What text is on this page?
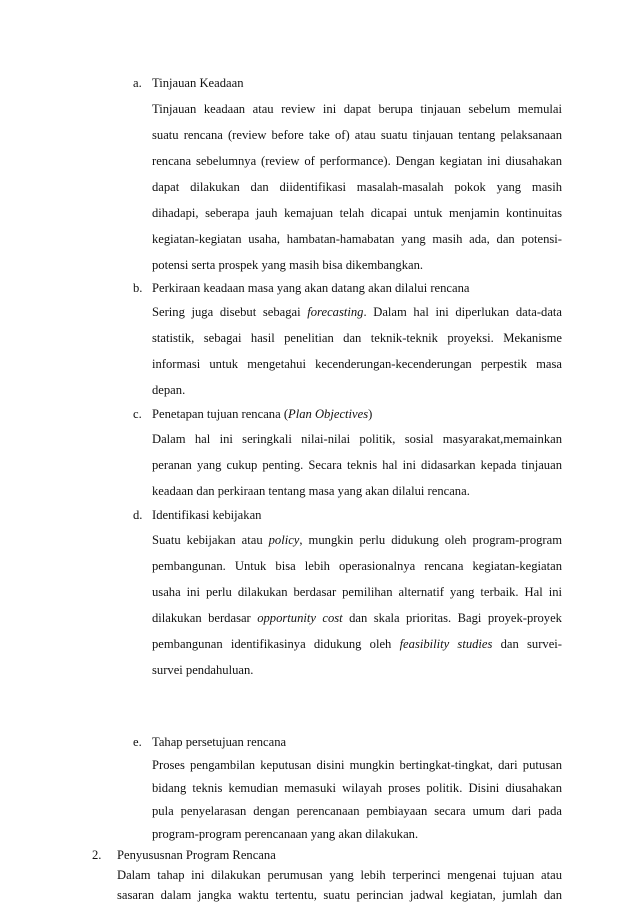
a. Tinjauan Keadaan
Tinjauan keadaan atau review ini dapat berupa tinjauan sebelum memulai
suatu rencana (review before take of) atau suatu tinjauan tentang pelaksanaan
rencana sebelumnya (review of performance). Dengan kegiatan ini diusahakan
dapat dilakukan dan diidentifikasi masalah-masalah pokok yang masih
dihadapi, seberapa jauh kemajuan telah dicapai untuk menjamin kontinuitas
kegiatan-kegiatan usaha, hambatan-hamabatan yang masih ada, dan potensi-
potensi serta prospek yang masih bisa dikembangkan.
b. Perkiraan keadaan masa yang akan datang akan dilalui rencana
Sering juga disebut sebagai forecasting. Dalam hal ini diperlukan data-data
statistik, sebagai hasil penelitian dan teknik-teknik proyeksi. Mekanisme
informasi untuk mengetahui kecenderungan-kecenderungan perpestik masa
depan.
c. Penetapan tujuan rencana (Plan Objectives)
Dalam hal ini seringkali nilai-nilai politik, sosial masyarakat,memainkan
peranan yang cukup penting. Secara teknis hal ini didasarkan kepada tinjauan
keadaan dan perkiraan tentang masa yang akan dilalui rencana.
d. Identifikasi kebijakan
Suatu kebijakan atau policy, mungkin perlu didukung oleh program-program
pembangunan. Untuk bisa lebih operasionalnya rencana kegiatan-kegiatan
usaha ini perlu dilakukan berdasar pemilihan alternatif yang terbaik. Hal ini
dilakukan berdasar opportunity cost dan skala prioritas. Bagi proyek-proyek
pembangunan identifikasinya didukung oleh feasibility studies dan survei-
survei pendahuluan.
e. Tahap persetujuan rencana
Proses pengambilan keputusan disini mungkin bertingkat-tingkat, dari putusan
bidang teknis kemudian memasuki wilayah proses politik. Disini diusahakan
pula penyelarasan dengan perencanaan pembiayaan secara umum dari pada
program-program perencanaan yang akan dilakukan.
2. Penyususnan Program Rencana
Dalam tahap ini dilakukan perumusan yang lebih terperinci mengenai tujuan atau
sasaran dalam jangka waktu tertentu, suatu perincian jadwal kegiatan, jumlah dan
